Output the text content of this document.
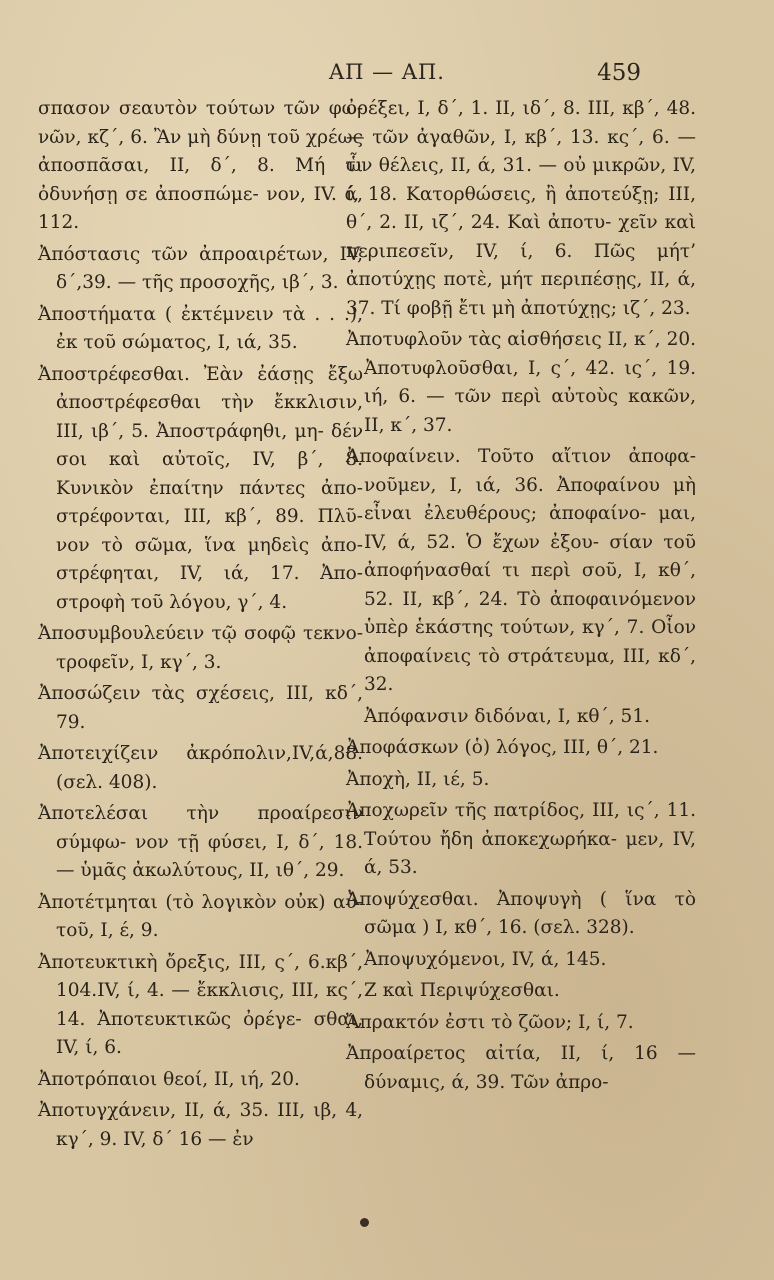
ΑΠ — ΑΠ.	459

σπασον σεαυτὸν τούτων τῶν φω- νῶν, κζ΄, 6. Ἂν μὴ δύνῃ τοῦ χρέως ἀποσπᾶσαι, II, δ΄, 8. Μή τι ὀδυνήσῃ σε ἀποσπώμε- νον, IV. ά, 112.

Ἀπόστασις τῶν ἀπροαιρέτων, IV, δ΄,39. — τῆς προσοχῆς, ιβ΄, 3.

Ἀποστήματα ( ἐκτέμνειν τὰ . . .), ἐκ τοῦ σώματος, I, ιά, 35.

Ἀποστρέφεσθαι. Ἐὰν ἐάσῃς ἔξω ἀποστρέφεσθαι τὴν ἔκκλισιν, III, ιβ΄, 5. Ἀποστράφηθι, μη- δέν σοι καὶ αὐτοῖς, IV, β΄, 8. Κυνικὸν ἐπαίτην πάντες ἀπο- στρέφονται, III, κβ΄, 89. Πλῦ- νον τὸ σῶμα, ἵνα μηδεὶς ἀπο- στρέφηται, IV, ιά, 17. Ἀπο- στροφὴ τοῦ λόγου, γ΄, 4.

Ἀποσυμβουλεύειν τῷ σοφῷ τεκνο- τροφεῖν, I, κγ΄, 3.

Ἀποσώζειν τὰς σχέσεις, III, κδ΄, 79.

Ἀποτειχίζειν ἀκρόπολιν,IV,ά,88. (σελ. 408).

Ἀποτελέσαι τὴν προαίρεσιν σύμφω- νον τῇ φύσει, I, δ΄, 18. — ὑμᾶς ἀκωλύτους, II, ιθ΄, 29.

Ἀποτέτμηται (τὸ λογικὸν οὐκ) αὐ- τοῦ, I, έ, 9.

Ἀποτευκτικὴ ὄρεξις, III, ς΄, 6.κβ΄, 104.IV, ί, 4. — ἔκκλισις, III, κς΄, 14. Ἀποτευκτικῶς ὀρέγε- σθαι, IV, ί, 6.

Ἀποτρόπαιοι θεοί, II, ιή, 20.

Ἀποτυγχάνειν, II, ά, 35. III, ιβ, 4, κγ΄, 9. IV, δ΄ 16 — ἐν

ὀρέξει, I, δ΄, 1. II, ιδ΄, 8. III, κβ΄, 48. — τῶν ἀγαθῶν, I, κβ΄, 13. κς΄, 6. — ὧν θέλεις, II, ά, 31. — οὐ μικρῶν, IV, ί, 18. Κατορθώσεις, ἢ ἀποτεύξῃ; III, θ΄, 2. II, ιζ΄, 24. Καὶ ἀποτυ- χεῖν καὶ περιπεσεῖν, IV, ί, 6. Πῶς μήτ’ ἀποτύχῃς ποτὲ, μήτ περιπέσῃς, II, ά, 37. Τί φοβῇ ἔτι μὴ ἀποτύχῃς; ιζ΄, 23.

Ἀποτυφλοῦν τὰς αἰσθήσεις II, κ΄, 20. Ἀποτυφλοῦσθαι, I, ς΄, 42. ις΄, 19. ιή, 6. — τῶν περὶ αὐτοὺς κακῶν, II, κ΄, 37.

Ἀποφαίνειν. Τοῦτο αἴτιον ἀποφα- νοῦμεν, I, ιά, 36. Ἀποφαίνου μὴ εἶναι ἐλευθέρους; ἀποφαίνο- μαι, IV, ά, 52. Ὁ ἔχων ἐξου- σίαν τοῦ ἀποφήνασθαί τι περὶ σοῦ, I, κθ΄, 52. II, κβ΄, 24. Τὸ ἀποφαινόμενον ὑπὲρ ἑκάστης τούτων, κγ΄, 7. Οἷον ἀποφαίνεις τὸ στράτευμα, III, κδ΄, 32.

Ἀπόφανσιν διδόναι, I, κθ΄, 51.

Ἀποφάσκων (ὁ) λόγος, III, θ΄, 21.

Ἀποχὴ, II, ιέ, 5.

Ἀποχωρεῖν τῆς πατρίδος, III, ις΄, 11. Τούτου ἤδη ἀποκεχωρήκα- μεν, IV, ά, 53.

Ἀποψύχεσθαι. Ἀποψυγὴ ( ἵνα τὸ σῶμα ) I, κθ΄, 16. (σελ. 328).

Ἀποψυχόμενοι, IV, ά, 145.

Ζ καὶ Περιψύχεσθαι.

Ἄπρακτόν ἐστι τὸ ζῶον; I, ί, 7.

Ἀπροαίρετος αἰτία, II, ί, 16 — δύναμις, ά, 39. Τῶν ἀπρο-
